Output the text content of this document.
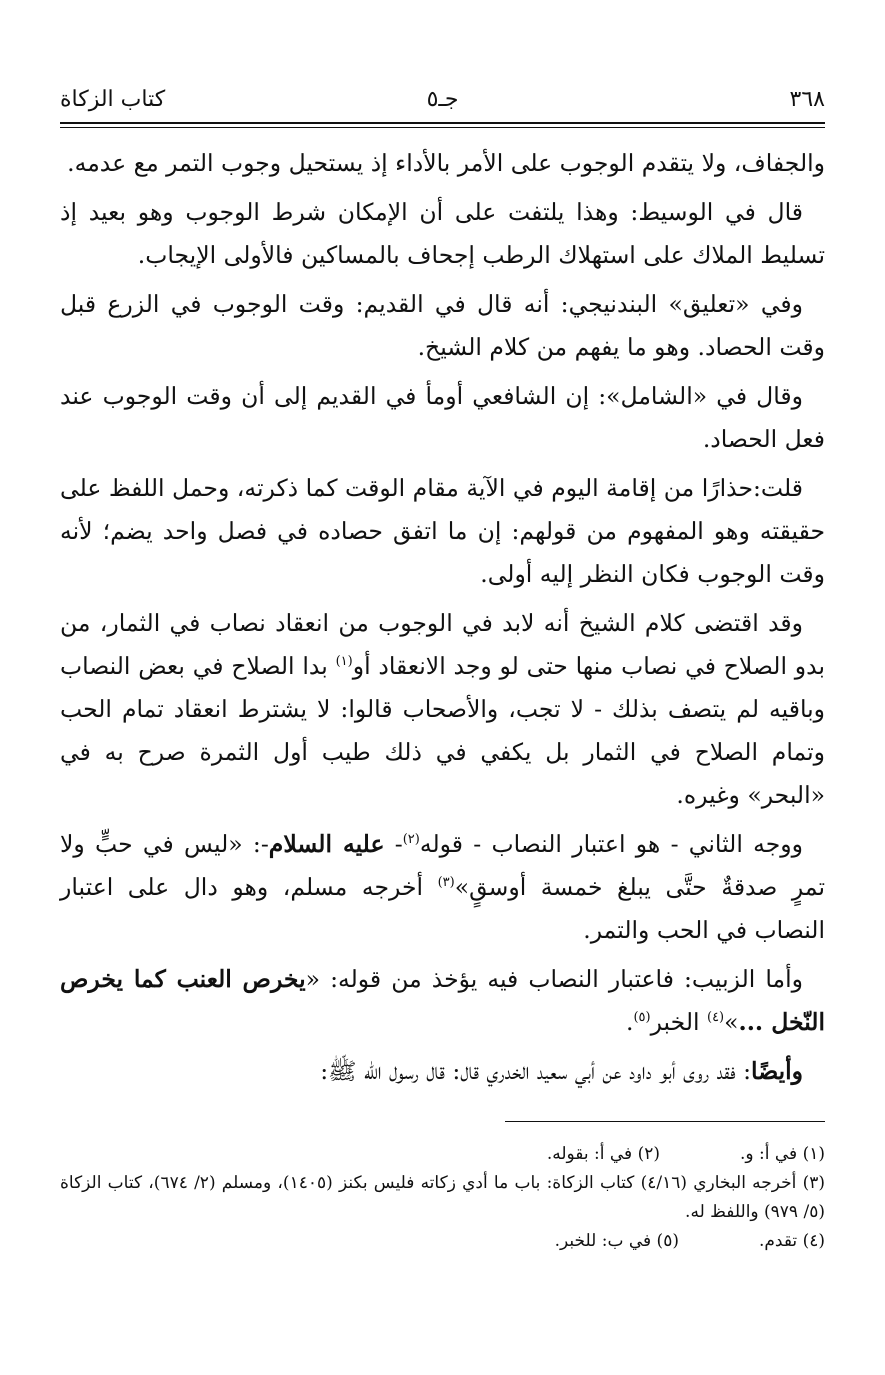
٣٦٨
جـ٥
كتاب الزكاة

والجفاف، ولا يتقدم الوجوب على الأمر بالأداء إذ يستحيل وجوب التمر مع عدمه.

قال في الوسيط: وهذا يلتفت على أن الإمكان شرط الوجوب وهو بعيد إذ تسليط الملاك على استهلاك الرطب إجحاف بالمساكين فالأولى الإيجاب.

وفي «تعليق» البندنيجي: أنه قال في القديم: وقت الوجوب في الزرع قبل وقت الحصاد. وهو ما يفهم من كلام الشيخ.

وقال في «الشامل»: إن الشافعي أومأ في القديم إلى أن وقت الوجوب عند فعل الحصاد.

قلت:حذارًا من إقامة اليوم في الآية مقام الوقت كما ذكرته، وحمل اللفظ على حقيقته وهو المفهوم من قولهم: إن ما اتفق حصاده في فصل واحد يضم؛ لأنه وقت الوجوب فكان النظر إليه أولى.

وقد اقتضى كلام الشيخ أنه لابد في الوجوب من انعقاد نصاب في الثمار، من بدو الصلاح في نصاب منها حتى لو وجد الانعقاد أو$^{(١)}$ بدا الصلاح في بعض النصاب وباقيه لم يتصف بذلك - لا تجب، والأصحاب قالوا: لا يشترط انعقاد تمام الحب وتمام الصلاح في الثمار بل يكفي في ذلك طيب أول الثمرة صرح به في «البحر» وغيره.

ووجه الثاني - هو اعتبار النصاب - قوله$^{(٢)}$- عليه السلام-: «ليس في حبٍّ ولا تمرٍ صدقةٌ حتَّى يبلغ خمسة أوسقٍ»$^{(٣)}$ أخرجه مسلم، وهو دال على اعتبار النصاب في الحب والتمر.

وأما الزبيب: فاعتبار النصاب فيه يؤخذ من قوله: «يخرص العنب كما يخرص النّخل ...»$^{(٤)}$ الخبر$^{(٥)}$.

وأيضًا: فقد روى أبو داود عن أبي سعيد الخدري قال: قال رسول الله ﷺ:

(١) في أ: و.
(٢) في أ: بقوله.
(٣) أخرجه البخاري (٤/١٦) كتاب الزكاة: باب ما أدي زكاته فليس بكنز (١٤٠٥)، ومسلم (٢/ ٦٧٤)، كتاب الزكاة (٥/ ٩٧٩) واللفظ له.
(٤) تقدم.
(٥) في ب: للخبر.
